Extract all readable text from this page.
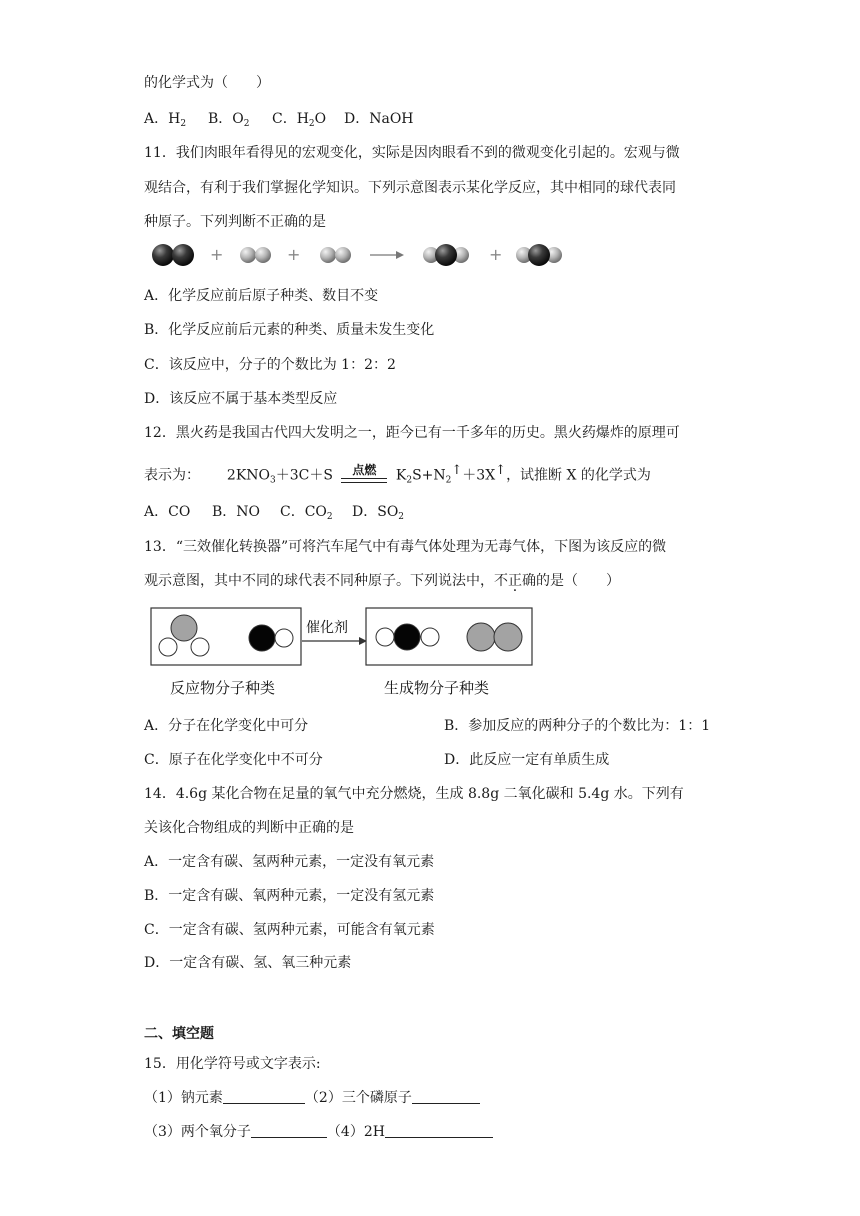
的化学式为（　　）
A．$H_2$ B．$O_2$ C．$H_2O$ D．NaOH
11．我们肉眼年看得见的宏观变化，实际是因肉眼看不到的微观变化引起的。宏观与微
观结合，有利于我们掌握化学知识。下列示意图表示某化学反应，其中相同的球代表同
种原子。下列判断不正确的是
+	+	+
A．化学反应前后原子种类、数目不变
B．化学反应前后元素的种类、质量未发生变化
C．该反应中，分子的个数比为 1：2：2
D．该反应不属于基本类型反应
12．黑火药是我国古代四大发明之一，距今已有一千多年的历史。黑火药爆炸的原理可
表示为： $2KNO_3+3C+S$	点燃	$K_2S+N_2^↑+3X^↑$，试推断 X 的化学式为
A．CO B．NO C．$CO_2$ D．$SO_2$
13．“三效催化转换器”可将汽车尾气中有毒气体处理为无毒气体，下图为该反应的微
观示意图，其中不同的球代表不同种原子。下列说法中，不正确的是（　　）
催化剂
反应物分子种类	生成物分子种类
A．分子在化学变化中可分	B．参加反应的两种分子的个数比为：1：1
C．原子在化学变化中不可分	D．此反应一定有单质生成
14．4.6g 某化合物在足量的氧气中充分燃烧，生成 8.8g 二氧化碳和 5.4g 水。下列有
关该化合物组成的判断中正确的是
A．一定含有碳、氢两种元素，一定没有氧元素
B．一定含有碳、氧两种元素，一定没有氢元素
C．一定含有碳、氢两种元素，可能含有氧元素
D．一定含有碳、氢、氧三种元素
二、填空题
15．用化学符号或文字表示:
（1）钠元素	（2）三个磷原子
（3）两个氧分子	（4）2H
